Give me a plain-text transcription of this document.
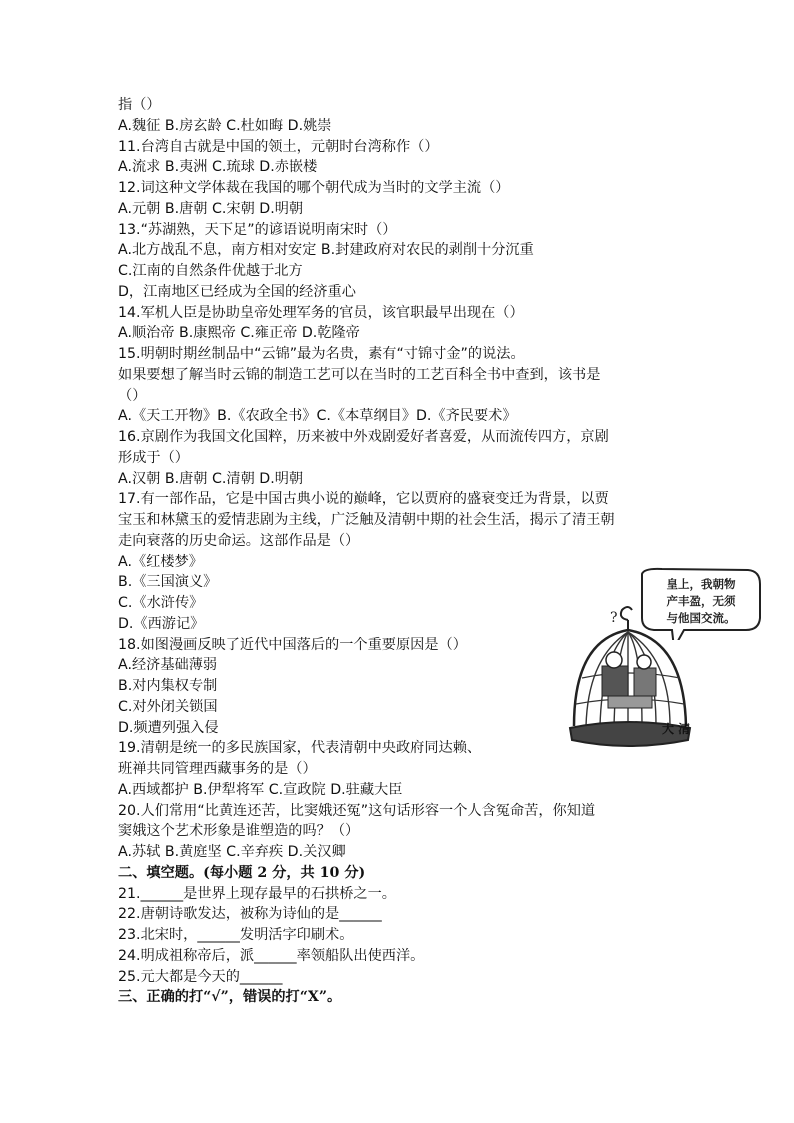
指（）
A.魏征 B.房玄龄 C.杜如晦 D.姚崇
11.台湾自古就是中国的领土，元朝时台湾称作（）
A.流求 B.夷洲 C.琉球 D.赤嵌楼
12.词这种文学体裁在我国的哪个朝代成为当时的文学主流（）
A.元朝 B.唐朝 C.宋朝 D.明朝
13.“苏湖熟，天下足”的谚语说明南宋时（）
A.北方战乱不息，南方相对安定 B.封建政府对农民的剥削十分沉重
C.江南的自然条件优越于北方
D，江南地区已经成为全国的经济重心
14.军机人臣是协助皇帝处理军务的官员，该官职最早出现在（）
A.顺治帝 B.康熙帝 C.雍正帝 D.乾隆帝
15.明朝时期丝制品中“云锦”最为名贵，素有“寸锦寸金”的说法。
如果要想了解当时云锦的制造工艺可以在当时的工艺百科全书中查到，该书是
（）
A.《天工开物》B.《农政全书》C.《本草纲目》D.《齐民要术》
16.京剧作为我国文化国粹，历来被中外戏剧爱好者喜爱，从而流传四方，京剧
形成于（）
A.汉朝 B.唐朝 C.清朝 D.明朝
17.有一部作品，它是中国古典小说的巅峰，它以贾府的盛衰变迁为背景，以贾
宝玉和林黛玉的爱情悲剧为主线，广泛触及清朝中期的社会生活，揭示了清王朝
走向衰落的历史命运。这部作品是（）
A.《红楼梦》
B.《三国演义》
C.《水浒传》
D.《西游记》
18.如图漫画反映了近代中国落后的一个重要原因是（）
A.经济基础薄弱
B.对内集权专制
C.对外闭关锁国
D.频遭列强入侵
19.清朝是统一的多民族国家，代表清朝中央政府同达赖、
班禅共同管理西藏事务的是（）
A.西域都护 B.伊犁将军 C.宣政院 D.驻藏大臣
20.人们常用“比黄连还苦，比窦娥还冤”这句话形容一个人含冤命苦，你知道
窦娥这个艺术形象是谁塑造的吗？（）
A.苏轼 B.黄庭坚 C.辛弃疾 D.关汉卿
二、填空题。(每小题 2 分，共 10 分)
21.______是世界上现存最早的石拱桥之一。
22.唐朝诗歌发达，被称为诗仙的是______
23.北宋时，______发明活字印刷术。
24.明成祖称帝后，派______率领船队出使西洋。
25.元大都是今天的______
三、正确的打“√”，错误的打“X”。
皇上，我朝物
产丰盈，无须
与他国交流。
?
大 清
